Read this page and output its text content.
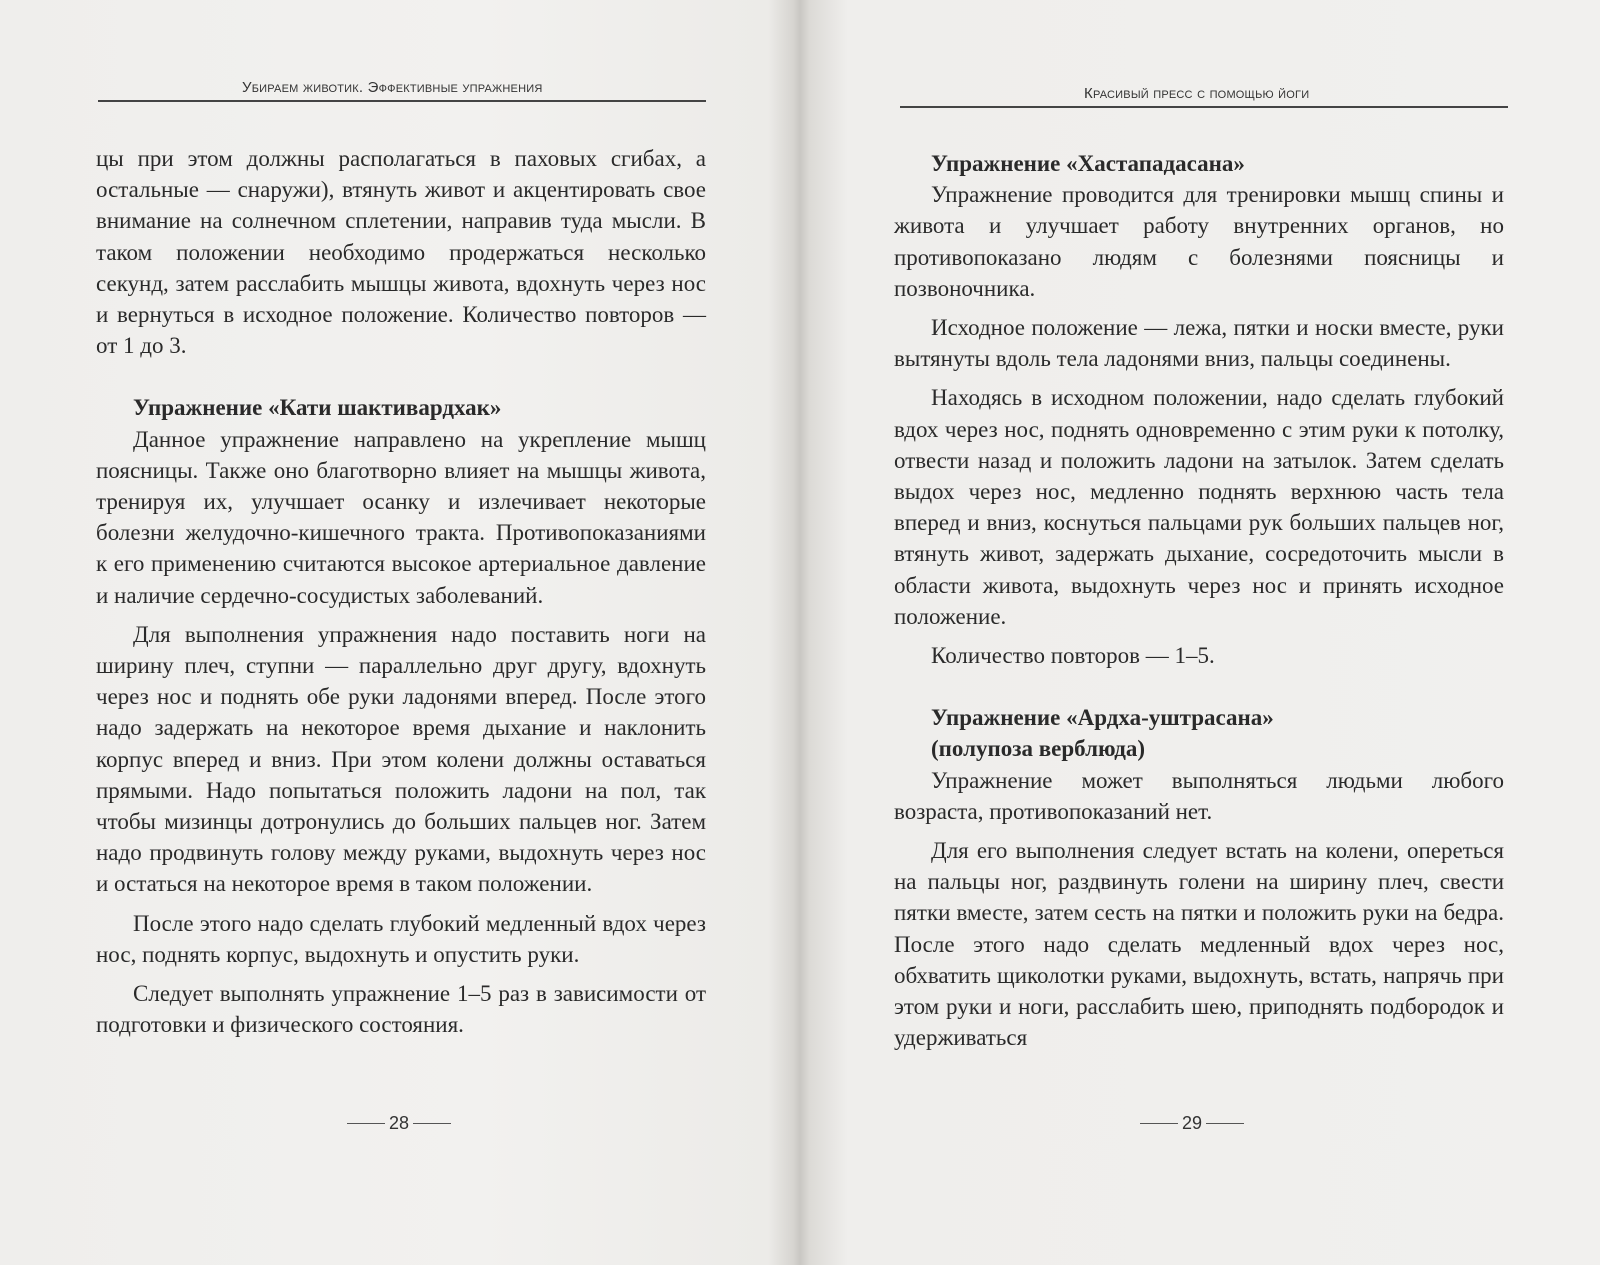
Убираем животик. Эффективные упражнения

цы при этом должны располагаться в паховых сгибах, а остальные — снаружи), втянуть живот и акцентировать свое внимание на солнечном сплетении, направив туда мысли. В таком положении необходимо продержаться несколько секунд, затем расслабить мышцы живота, вдохнуть через нос и вернуться в исходное положение. Количество повторов — от 1 до 3.

Упражнение «Кати шактивардхак»

Данное упражнение направлено на укрепление мышц поясницы. Также оно благотворно влияет на мышцы живота, тренируя их, улучшает осанку и излечивает некоторые болезни желудочно-кишечного тракта. Противопоказаниями к его применению считаются высокое артериальное давление и наличие сердечно-сосудистых заболеваний.

Для выполнения упражнения надо поставить ноги на ширину плеч, ступни — параллельно друг другу, вдохнуть через нос и поднять обе руки ладонями вперед. После этого надо задержать на некоторое время дыхание и наклонить корпус вперед и вниз. При этом колени должны оставаться прямыми. Надо попытаться положить ладони на пол, так чтобы мизинцы дотронулись до больших пальцев ног. Затем надо продвинуть голову между руками, выдохнуть через нос и остаться на некоторое время в таком положении.

После этого надо сделать глубокий медленный вдох через нос, поднять корпус, выдохнуть и опустить руки.

Следует выполнять упражнение 1–5 раз в зависимости от подготовки и физического состояния.

28
Красивый пресс с помощью йоги

Упражнение «Хастападасана»

Упражнение проводится для тренировки мышц спины и живота и улучшает работу внутренних органов, но противопоказано людям с болезнями поясницы и позвоночника.

Исходное положение — лежа, пятки и носки вместе, руки вытянуты вдоль тела ладонями вниз, пальцы соединены.

Находясь в исходном положении, надо сделать глубокий вдох через нос, поднять одновременно с этим руки к потолку, отвести назад и положить ладони на затылок. Затем сделать выдох через нос, медленно поднять верхнюю часть тела вперед и вниз, коснуться пальцами рук больших пальцев ног, втянуть живот, задержать дыхание, сосредоточить мысли в области живота, выдохнуть через нос и принять исходное положение.

Количество повторов — 1–5.

Упражнение «Ардха-уштрасана»

(полупоза верблюда)

Упражнение может выполняться людьми любого возраста, противопоказаний нет.

Для его выполнения следует встать на колени, опереться на пальцы ног, раздвинуть голени на ширину плеч, свести пятки вместе, затем сесть на пятки и положить руки на бедра. После этого надо сделать медленный вдох через нос, обхватить щиколотки руками, выдохнуть, встать, напрячь при этом руки и ноги, расслабить шею, приподнять подбородок и удерживаться

29
